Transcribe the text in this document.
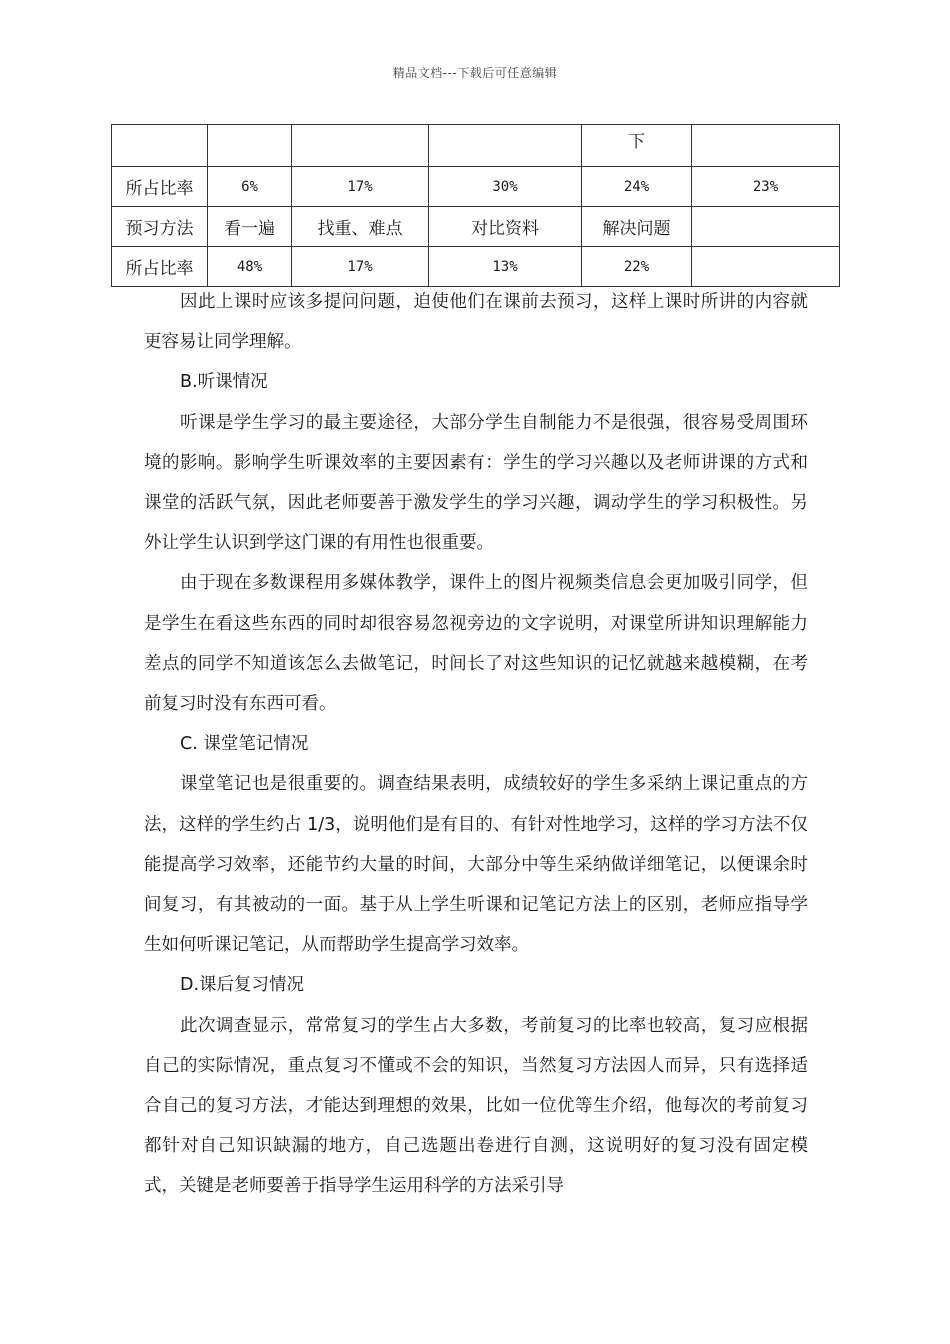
精品文档---下载后可任意编辑
				下	
所占比率	6%	17%	30%	24%	23%
预习方法	看一遍	找重、难点	对比资料	解决问题	
所占比率	48%	17%	13%	22%	

因此上课时应该多提问问题，迫使他们在课前去预习，这样上课时所讲的内容就更容易让同学理解。

B.听课情况

听课是学生学习的最主要途径，大部分学生自制能力不是很强，很容易受周围环境的影响。影响学生听课效率的主要因素有：学生的学习兴趣以及老师讲课的方式和课堂的活跃气氛，因此老师要善于激发学生的学习兴趣，调动学生的学习积极性。另外让学生认识到学这门课的有用性也很重要。

由于现在多数课程用多媒体教学，课件上的图片视频类信息会更加吸引同学，但是学生在看这些东西的同时却很容易忽视旁边的文字说明，对课堂所讲知识理解能力差点的同学不知道该怎么去做笔记，时间长了对这些知识的记忆就越来越模糊，在考前复习时没有东西可看。

C. 课堂笔记情况

课堂笔记也是很重要的。调查结果表明，成绩较好的学生多采纳上课记重点的方法，这样的学生约占 1/3，说明他们是有目的、有针对性地学习，这样的学习方法不仅能提高学习效率，还能节约大量的时间，大部分中等生采纳做详细笔记，以便课余时间复习，有其被动的一面。基于从上学生听课和记笔记方法上的区别，老师应指导学生如何听课记笔记，从而帮助学生提高学习效率。

D.课后复习情况

此次调查显示，常常复习的学生占大多数，考前复习的比率也较高，复习应根据自己的实际情况，重点复习不懂或不会的知识，当然复习方法因人而异，只有选择适合自己的复习方法，才能达到理想的效果，比如一位优等生介绍，他每次的考前复习都针对自己知识缺漏的地方，自己选题出卷进行自测，这说明好的复习没有固定模式，关键是老师要善于指导学生运用科学的方法采引导
